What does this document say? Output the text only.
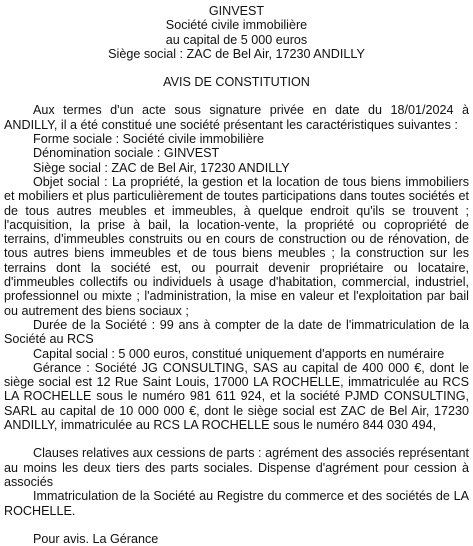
GINVEST
Société civile immobilière
au capital de 5 000 euros
Siège social : ZAC de Bel Air, 17230 ANDILLY
AVIS DE CONSTITUTION

Aux termes d'un acte sous signature privée en date du 18/01/2024 à ANDILLY, il a été constitué une société présentant les caractéristiques suivantes :

Forme sociale : Société civile immobilière

Dénomination sociale : GINVEST

Siège social : ZAC de Bel Air, 17230 ANDILLY

Objet social : La propriété, la gestion et la location de tous biens immobiliers et mobiliers et plus particulièrement de toutes participations dans toutes sociétés et de tous autres meubles et immeubles, à quelque endroit qu'ils se trouvent ; l'acquisition, la prise à bail, la location-vente, la propriété ou copropriété de terrains, d'immeubles construits ou en cours de construction ou de rénovation, de tous autres biens immeubles et de tous biens meubles ; la construction sur les terrains dont la société est, ou pourrait devenir propriétaire ou locataire, d'immeubles collectifs ou individuels à usage d'habitation, commercial, industriel, professionnel ou mixte ; l'administration, la mise en valeur et l'exploitation par bail ou autrement des biens sociaux ;

Durée de la Société : 99 ans à compter de la date de l'immatriculation de la Société au RCS

Capital social : 5 000 euros, constitué uniquement d'apports en numéraire

Gérance : Société JG CONSULTING, SAS au capital de 400 000 €, dont le siège social est 12 Rue Saint Louis, 17000 LA ROCHELLE, immatriculée au RCS LA ROCHELLE sous le numéro 981 611 924, et la société PJMD CONSULTING, SARL au capital de 10 000 000 €, dont le siège social est ZAC de Bel Air, 17230 ANDILLY, immatriculée au RCS LA ROCHELLE sous le numéro 844 030 494,

Clauses relatives aux cessions de parts : agrément des associés représentant au moins les deux tiers des parts sociales. Dispense d'agrément pour cession à associés

Immatriculation de la Société au Registre du commerce et des sociétés de LA ROCHELLE.

Pour avis. La Gérance
